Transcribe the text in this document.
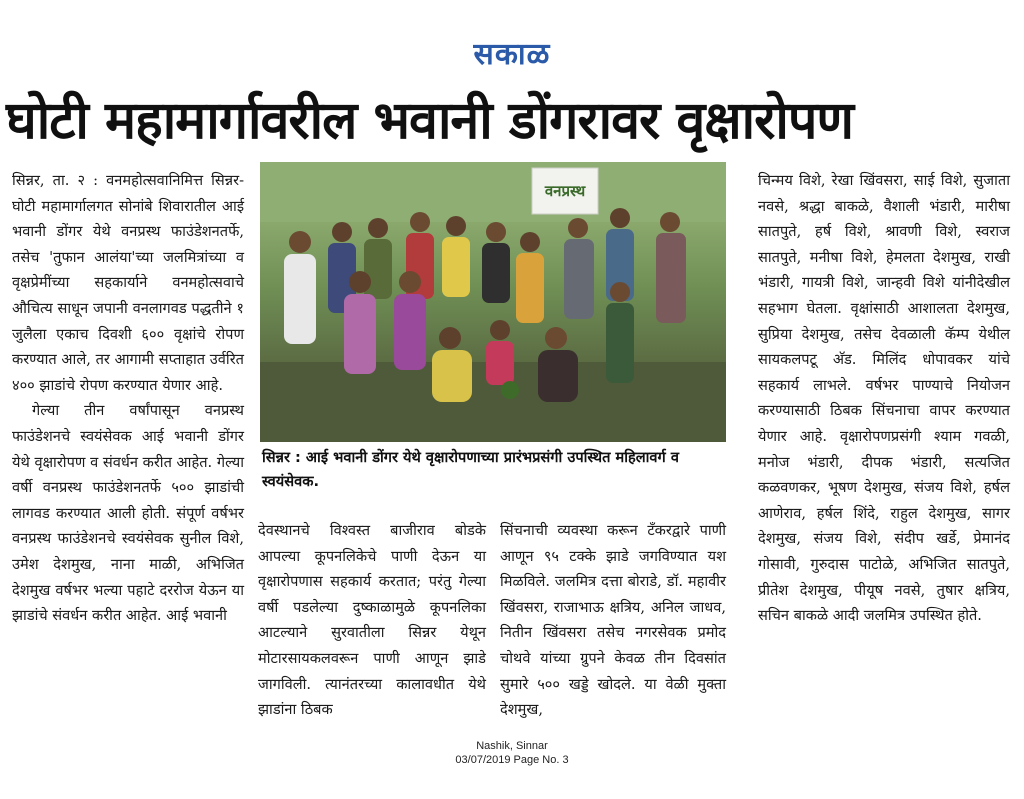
सकाळ
घोटी महामार्गावरील भवानी डोंगरावर वृक्षारोपण

सिन्नर, ता. २ : वनमहोत्सवानिमित्त सिन्नर-घोटी महामार्गालगत सोनांबे शिवारातील आई भवानी डोंगर येथे वनप्रस्थ फाउंडेशनतर्फे, तसेच 'तुफान आलंया'च्या जलमित्रांच्या व वृक्षप्रेमींच्या सहकार्याने वनमहोत्सवाचे औचित्य साधून जपानी वनलागवड पद्धतीने १ जुलैला एकाच दिवशी ६०० वृक्षांचे रोपण करण्यात आले, तर आगामी सप्ताहात उर्वरित ४०० झाडांचे रोपण करण्यात येणार आहे.

गेल्या तीन वर्षांपासून वनप्रस्थ फाउंडेशनचे स्वयंसेवक आई भवानी डोंगर येथे वृक्षारोपण व संवर्धन करीत आहेत. गेल्या वर्षी वनप्रस्थ फाउंडेशनतर्फे ५०० झाडांची लागवड करण्यात आली होती. संपूर्ण वर्षभर वनप्रस्थ फाउंडेशनचे स्वयंसेवक सुनील विशे, उमेश देशमुख, नाना माळी, अभिजित देशमुख वर्षभर भल्या पहाटे दररोज येऊन या झाडांचे संवर्धन करीत आहेत. आई भवानी

वनप्रस्थ
सिन्नर : आई भवानी डोंगर येथे वृक्षारोपणाच्या प्रारंभप्रसंगी उपस्थित महिलावर्ग व स्वयंसेवक.

देवस्थानचे विश्वस्त बाजीराव बोडके आपल्या कूपनलिकेचे पाणी देऊन या वृक्षारोपणास सहकार्य करतात; परंतु गेल्या वर्षी पडलेल्या दुष्काळामुळे कूपनलिका आटल्याने सुरवातीला सिन्नर येथून मोटारसायकलवरून पाणी आणून झाडे जागविली. त्यानंतरच्या कालावधीत येथे झाडांना ठिबक

सिंचनाची व्यवस्था करून टँकरद्वारे पाणी आणून ९५ टक्के झाडे जगविण्यात यश मिळविले. जलमित्र दत्ता बोराडे, डॉ. महावीर खिंवसरा, राजाभाऊ क्षत्रिय, अनिल जाधव, नितीन खिंवसरा तसेच नगरसेवक प्रमोद चोथवे यांच्या ग्रुपने केवळ तीन दिवसांत सुमारे ५०० खड्डे खोदले. या वेळी मुक्ता देशमुख,

चिन्मय विशे, रेखा खिंवसरा, साई विशे, सुजाता नवसे, श्रद्धा बाकळे, वैशाली भंडारी, मारीषा सातपुते, हर्ष विशे, श्रावणी विशे, स्वराज सातपुते, मनीषा विशे, हेमलता देशमुख, राखी भंडारी, गायत्री विशे, जान्हवी विशे यांनीदेखील सहभाग घेतला. वृक्षांसाठी आशालता देशमुख, सुप्रिया देशमुख, तसेच देवळाली कॅम्प येथील सायकलपटू अ‍ॅड. मिलिंद धोपावकर यांचे सहकार्य लाभले. वर्षभर पाण्याचे नियोजन करण्यासाठी ठिबक सिंचनाचा वापर करण्यात येणार आहे. वृक्षारोपणप्रसंगी श्याम गवळी, मनोज भंडारी, दीपक भंडारी, सत्यजित कळवणकर, भूषण देशमुख, संजय विशे, हर्षल आणेराव, हर्षल शिंदे, राहुल देशमुख, सागर देशमुख, संजय विशे, संदीप खर्डे, प्रेमानंद गोसावी, गुरुदास पाटोळे, अभिजित सातपुते, प्रीतेश देशमुख, पीयूष नवसे, तुषार क्षत्रिय, सचिन बाकळे आदी जलमित्र उपस्थित होते.

Nashik, Sinnar
03/07/2019 Page No. 3
